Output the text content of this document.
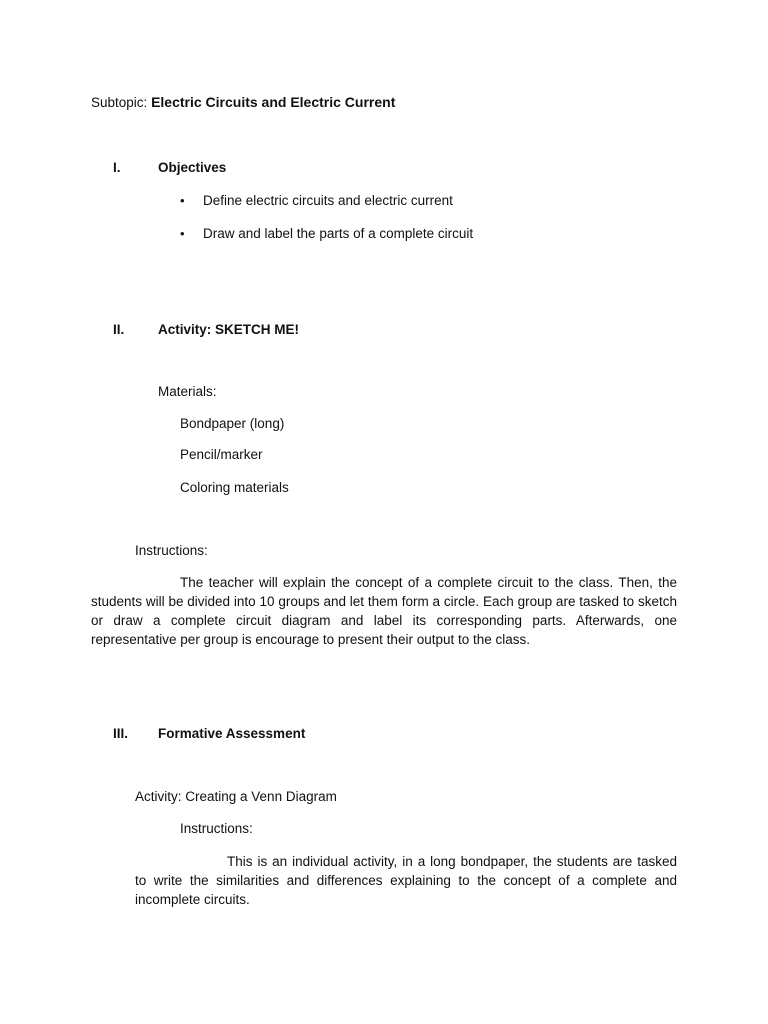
Subtopic: Electric Circuits and Electric Current
I.	Objectives
• Define electric circuits and electric current
• Draw and label the parts of a complete circuit
II. Activity: SKETCH ME!
Materials:
Bondpaper (long)
Pencil/marker
Coloring materials
Instructions:
The teacher will explain the concept of a complete circuit to the class. Then, the students will be divided into 10 groups and let them form a circle. Each group are tasked to sketch or draw a complete circuit diagram and label its corresponding parts. Afterwards, one representative per group is encourage to present their output to the class.
III. Formative Assessment
Activity: Creating a Venn Diagram
Instructions:
This is an individual activity, in a long bondpaper, the students are tasked to write the similarities and differences explaining to the concept of a complete and incomplete circuits.
